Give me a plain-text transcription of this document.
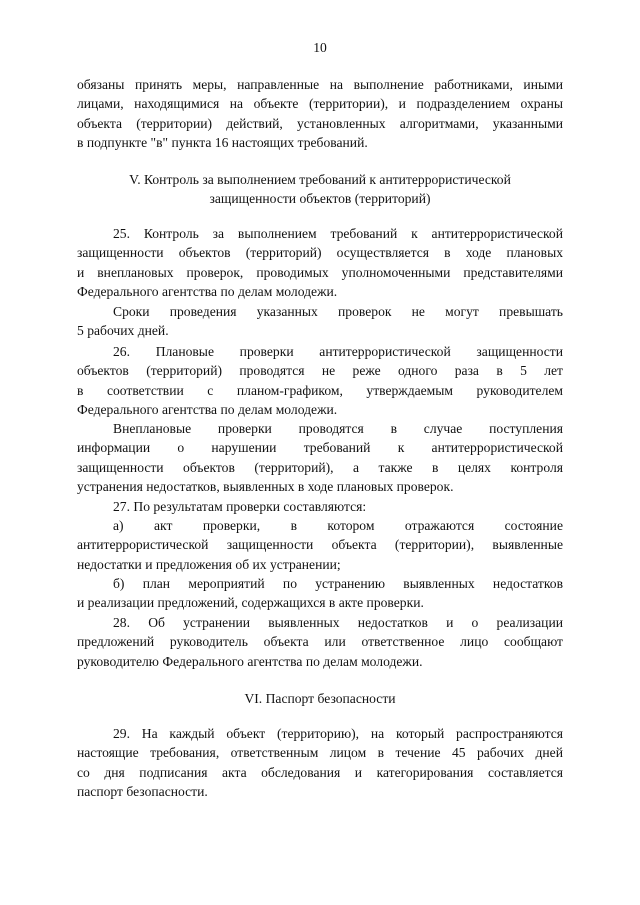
10
обязаны принять меры, направленные на выполнение работниками, иными
лицами, находящимися на объекте (территории), и подразделением охраны
объекта (территории) действий, установленных алгоритмами, указанными
в подпункте "в" пункта 16 настоящих требований.
V. Контроль за выполнением требований к антитеррористической
защищенности объектов (территорий)
25. Контроль за выполнением требований к антитеррористической
защищенности объектов (территорий) осуществляется в ходе плановых
и внеплановых проверок, проводимых уполномоченными представителями
Федерального агентства по делам молодежи.
Сроки проведения указанных проверок не могут превышать
5 рабочих дней.
26. Плановые проверки антитеррористической защищенности
объектов (территорий) проводятся не реже одного раза в 5 лет
в соответствии с планом-графиком, утверждаемым руководителем
Федерального агентства по делам молодежи.
Внеплановые проверки проводятся в случае поступления
информации о нарушении требований к антитеррористической
защищенности объектов (территорий), а также в целях контроля
устранения недостатков, выявленных в ходе плановых проверок.
27. По результатам проверки составляются:
а) акт проверки, в котором отражаются состояние
антитеррористической защищенности объекта (территории), выявленные
недостатки и предложения об их устранении;
б) план мероприятий по устранению выявленных недостатков
и реализации предложений, содержащихся в акте проверки.
28. Об устранении выявленных недостатков и о реализации
предложений руководитель объекта или ответственное лицо сообщают
руководителю Федерального агентства по делам молодежи.
VI. Паспорт безопасности
29. На каждый объект (территорию), на который распространяются
настоящие требования, ответственным лицом в течение 45 рабочих дней
со дня подписания акта обследования и категорирования составляется
паспорт безопасности.
